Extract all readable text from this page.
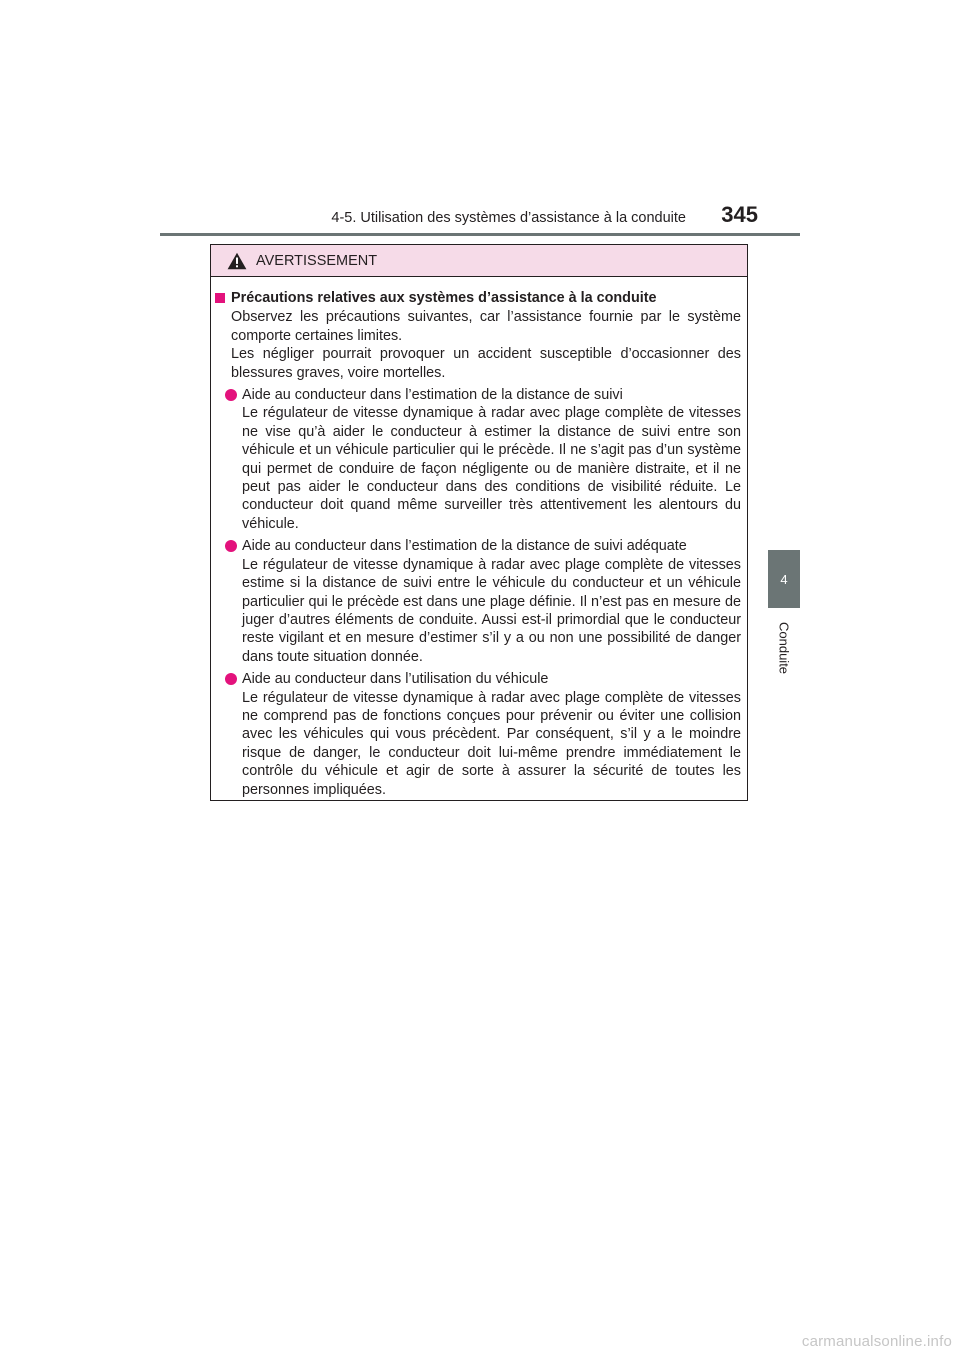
4-5. Utilisation des systèmes d’assistance à la conduite 345
4
Conduite
AVERTISSEMENT
Précautions relatives aux systèmes d’assistance à la conduite

Observez les précautions suivantes, car l’assistance fournie par le système comporte certaines limites.

Les négliger pourrait provoquer un accident susceptible d’occasionner des blessures graves, voire mortelles.

Aide au conducteur dans l’estimation de la distance de suivi
Le régulateur de vitesse dynamique à radar avec plage complète de vitesses ne vise qu’à aider le conducteur à estimer la distance de suivi entre son véhicule et un véhicule particulier qui le précède. Il ne s’agit pas d’un système qui permet de conduire de façon négligente ou de manière distraite, et il ne peut pas aider le conducteur dans des conditions de visibilité réduite. Le conducteur doit quand même surveiller très attentivement les alentours du véhicule.
Aide au conducteur dans l’estimation de la distance de suivi adéquate
Le régulateur de vitesse dynamique à radar avec plage complète de vitesses estime si la distance de suivi entre le véhicule du conducteur et un véhicule particulier qui le précède est dans une plage définie. Il n’est pas en mesure de juger d’autres éléments de conduite. Aussi est-il primordial que le conducteur reste vigilant et en mesure d’estimer s’il y a ou non une possibilité de danger dans toute situation donnée.
Aide au conducteur dans l’utilisation du véhicule
Le régulateur de vitesse dynamique à radar avec plage complète de vitesses ne comprend pas de fonctions conçues pour prévenir ou éviter une collision avec les véhicules qui vous précèdent. Par conséquent, s’il y a le moindre risque de danger, le conducteur doit lui-même prendre immédiatement le contrôle du véhicule et agir de sorte à assurer la sécurité de toutes les personnes impliquées.
carmanualsonline.info
